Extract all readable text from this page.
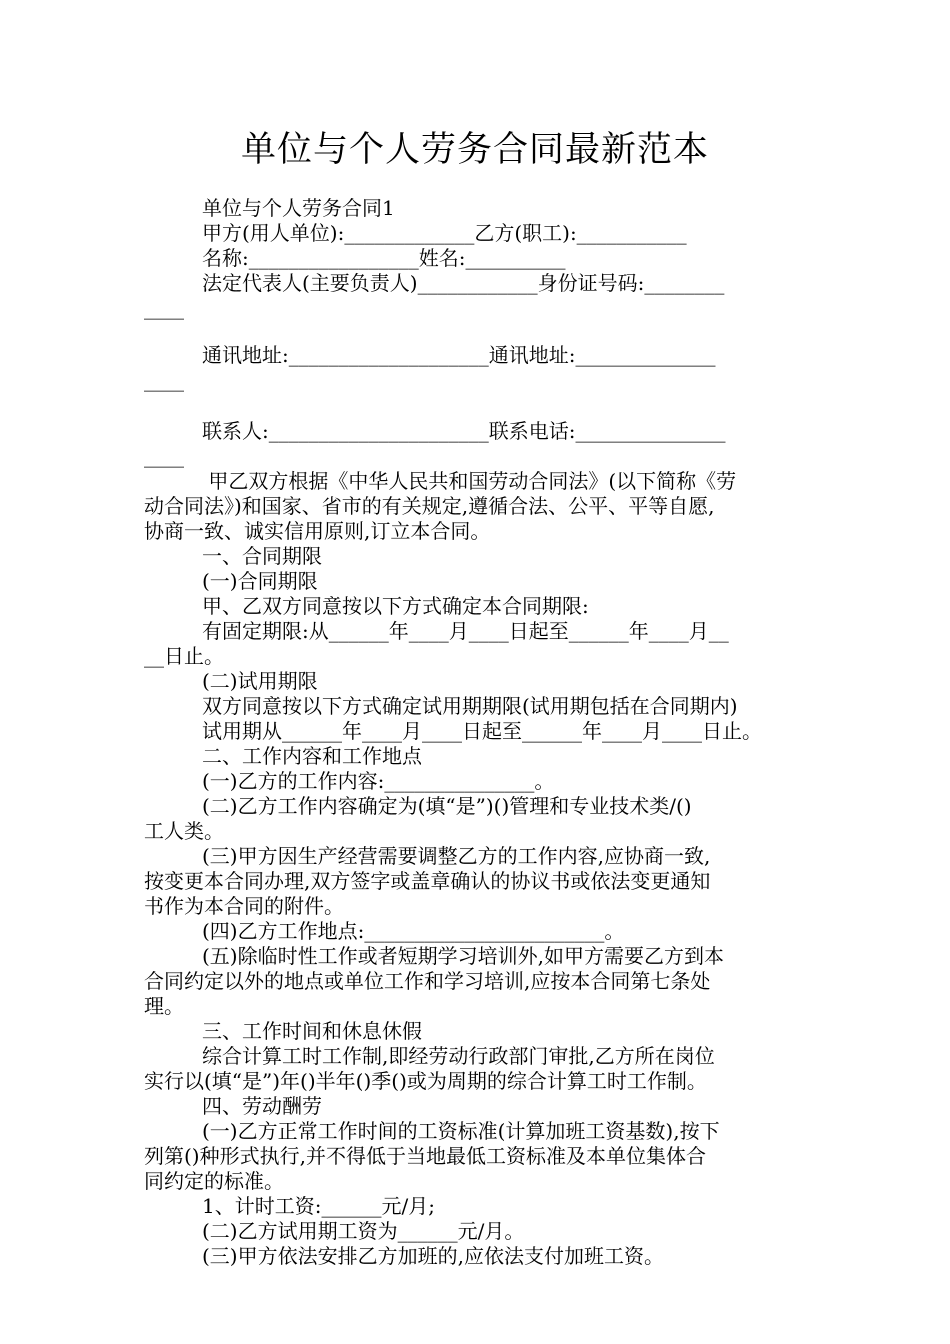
单位与个人劳务合同最新范本
单位与个人劳务合同1
甲方(用人单位):_____________乙方(职工):___________
名称:_________________姓名:__________
法定代表人(主要负责人)____________身份证号码:________
____
通讯地址:____________________通讯地址:______________
____
联系人:______________________联系电话:_______________
____
甲乙双方根据《中华人民共和国劳动合同法》(以下简称《劳
动合同法》)和国家、省市的有关规定,遵循合法、公平、平等自愿,
协商一致、诚实信用原则,订立本合同。
一、合同期限
(一)合同期限
甲、乙双方同意按以下方式确定本合同期限:
有固定期限:从______年____月____日起至______年____月__
__日止。
(二)试用期限
双方同意按以下方式确定试用期期限(试用期包括在合同期内)
试用期从______年____月____日起至______年____月____日止。
二、工作内容和工作地点
(一)乙方的工作内容:_______________。
(二)乙方工作内容确定为(填“是”)()管理和专业技术类/()
工人类。
(三)甲方因生产经营需要调整乙方的工作内容,应协商一致,
按变更本合同办理,双方签字或盖章确认的协议书或依法变更通知
书作为本合同的附件。
(四)乙方工作地点:________________________。
(五)除临时性工作或者短期学习培训外,如甲方需要乙方到本
合同约定以外的地点或单位工作和学习培训,应按本合同第七条处
理。
三、工作时间和休息休假
综合计算工时工作制,即经劳动行政部门审批,乙方所在岗位
实行以(填“是”)年()半年()季()或为周期的综合计算工时工作制。
四、劳动酬劳
(一)乙方正常工作时间的工资标准(计算加班工资基数),按下
列第()种形式执行,并不得低于当地最低工资标准及本单位集体合
同约定的标准。
1、计时工资:______元/月;
(二)乙方试用期工资为______元/月。
(三)甲方依法安排乙方加班的,应依法支付加班工资。
